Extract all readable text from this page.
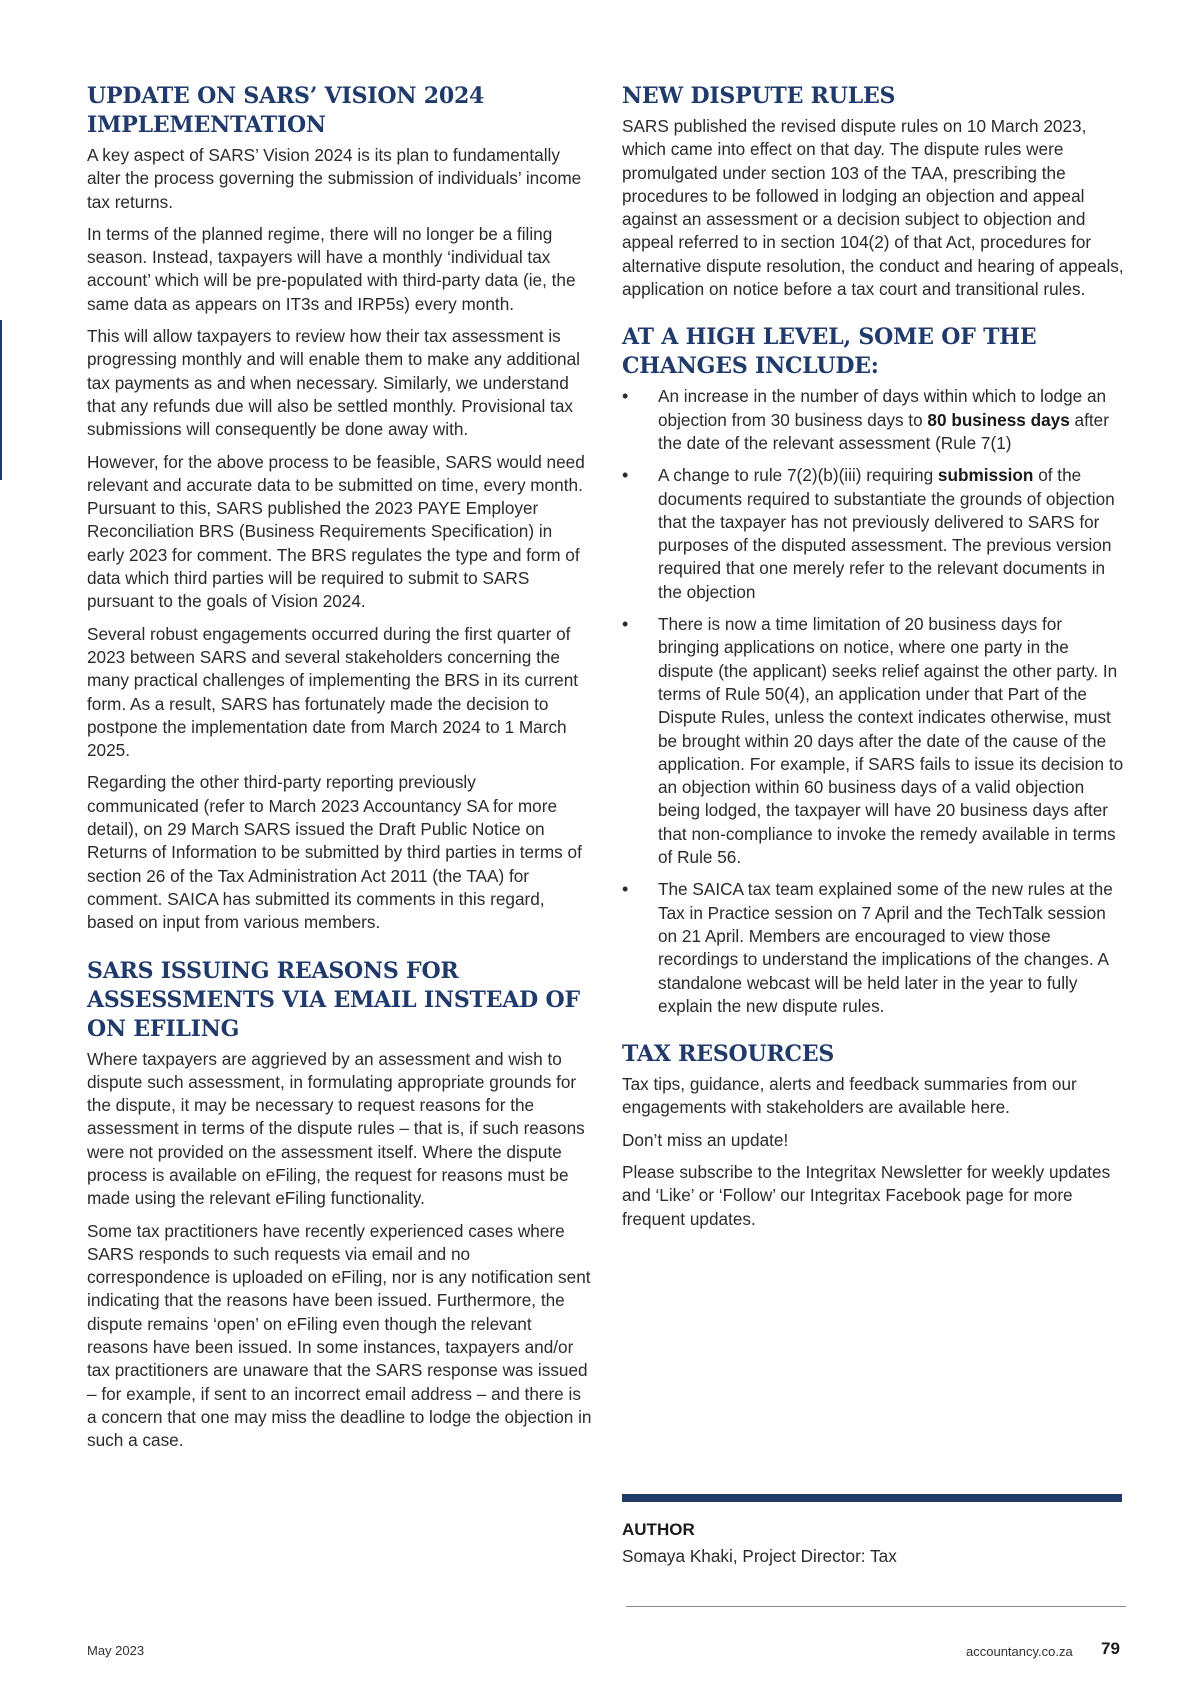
UPDATE ON SARS’ VISION 2024 IMPLEMENTATION

A key aspect of SARS’ Vision 2024 is its plan to fundamentally alter the process governing the submission of individuals’ income tax returns.

In terms of the planned regime, there will no longer be a filing season. Instead, taxpayers will have a monthly ‘individual tax account’ which will be pre-populated with third-party data (ie, the same data as appears on IT3s and IRP5s) every month.

This will allow taxpayers to review how their tax assessment is progressing monthly and will enable them to make any additional tax payments as and when necessary. Similarly, we understand that any refunds due will also be settled monthly. Provisional tax submissions will consequently be done away with.

However, for the above process to be feasible, SARS would need relevant and accurate data to be submitted on time, every month. Pursuant to this, SARS published the 2023 PAYE Employer Reconciliation BRS (Business Requirements Specification) in early 2023 for comment. The BRS regulates the type and form of data which third parties will be required to submit to SARS pursuant to the goals of Vision 2024.

Several robust engagements occurred during the first quarter of 2023 between SARS and several stakeholders concerning the many practical challenges of implementing the BRS in its current form. As a result, SARS has fortunately made the decision to postpone the implementation date from March 2024 to 1 March 2025.

Regarding the other third-party reporting previously communicated (refer to March 2023 Accountancy SA for more detail), on 29 March SARS issued the Draft Public Notice on Returns of Information to be submitted by third parties in terms of section 26 of the Tax Administration Act 2011 (the TAA) for comment. SAICA has submitted its comments in this regard, based on input from various members.

SARS ISSUING REASONS FOR ASSESSMENTS VIA EMAIL INSTEAD OF ON EFILING

Where taxpayers are aggrieved by an assessment and wish to dispute such assessment, in formulating appropriate grounds for the dispute, it may be necessary to request reasons for the assessment in terms of the dispute rules – that is, if such reasons were not provided on the assessment itself. Where the dispute process is available on eFiling, the request for reasons must be made using the relevant eFiling functionality.

Some tax practitioners have recently experienced cases where SARS responds to such requests via email and no correspondence is uploaded on eFiling, nor is any notification sent indicating that the reasons have been issued. Furthermore, the dispute remains ‘open’ on eFiling even though the relevant reasons have been issued. In some instances, taxpayers and/or tax practitioners are unaware that the SARS response was issued – for example, if sent to an incorrect email address – and there is a concern that one may miss the deadline to lodge the objection in such a case.

NEW DISPUTE RULES

SARS published the revised dispute rules on 10 March 2023, which came into effect on that day. The dispute rules were promulgated under section 103 of the TAA, prescribing the procedures to be followed in lodging an objection and appeal against an assessment or a decision subject to objection and appeal referred to in section 104(2) of that Act, procedures for alternative dispute resolution, the conduct and hearing of appeals, application on notice before a tax court and transitional rules.

AT A HIGH LEVEL, SOME OF THE CHANGES INCLUDE:
• An increase in the number of days within which to lodge an objection from 30 business days to 80 business days after the date of the relevant assessment (Rule 7(1)
• A change to rule 7(2)(b)(iii) requiring submission of the documents required to substantiate the grounds of objection that the taxpayer has not previously delivered to SARS for purposes of the disputed assessment. The previous version required that one merely refer to the relevant documents in the objection
• There is now a time limitation of 20 business days for bringing applications on notice, where one party in the dispute (the applicant) seeks relief against the other party. In terms of Rule 50(4), an application under that Part of the Dispute Rules, unless the context indicates otherwise, must be brought within 20 days after the date of the cause of the application. For example, if SARS fails to issue its decision to an objection within 60 business days of a valid objection being lodged, the taxpayer will have 20 business days after that non-compliance to invoke the remedy available in terms of Rule 56.
• The SAICA tax team explained some of the new rules at the Tax in Practice session on 7 April and the TechTalk session on 21 April. Members are encouraged to view those recordings to understand the implications of the changes. A standalone webcast will be held later in the year to fully explain the new dispute rules.
TAX RESOURCES

Tax tips, guidance, alerts and feedback summaries from our engagements with stakeholders are available here.

Don’t miss an update!

Please subscribe to the Integritax Newsletter for weekly updates and ‘Like’ or ‘Follow’ our Integritax Facebook page for more frequent updates.

AUTHOR
Somaya Khaki, Project Director: Tax
May 2023	accountancy.co.za 79
